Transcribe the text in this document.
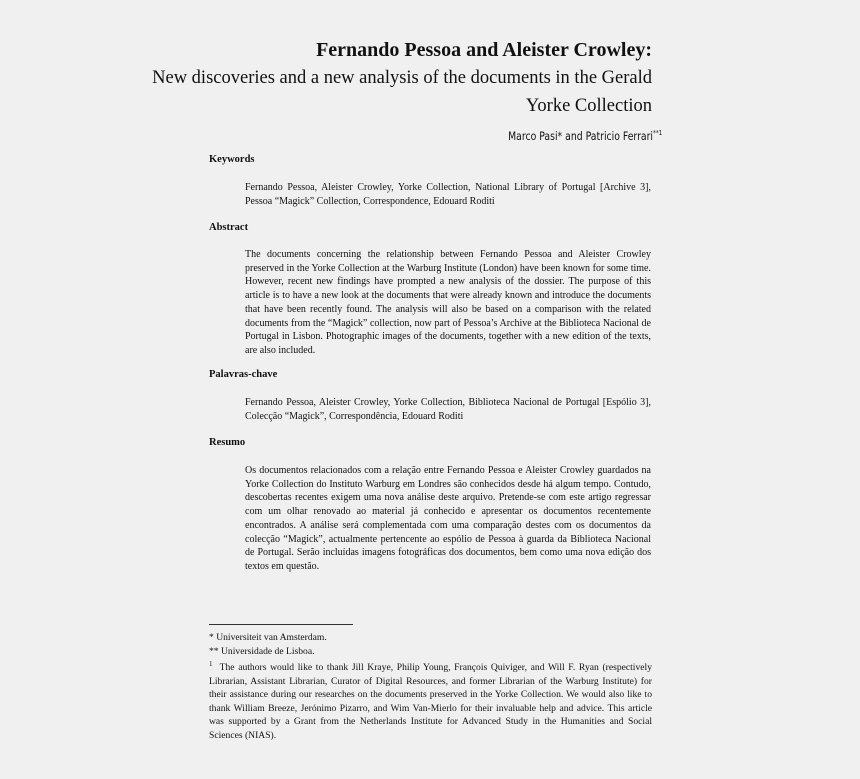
Fernando Pessoa and Aleister Crowley:
New discoveries and a new analysis of the documents in the Gerald Yorke Collection
Marco Pasi* and Patricio Ferrari$^{**1}$
Keywords
Fernando Pessoa, Aleister Crowley, Yorke Collection, National Library of Portugal [Archive 3], Pessoa “Magick” Collection, Correspondence, Edouard Roditi
Abstract
The documents concerning the relationship between Fernando Pessoa and Aleister Crowley preserved in the Yorke Collection at the Warburg Institute (London) have been known for some time. However, recent new findings have prompted a new analysis of the dossier. The purpose of this article is to have a new look at the documents that were already known and introduce the documents that have been recently found. The analysis will also be based on a comparison with the related documents from the “Magick” collection, now part of Pessoa’s Archive at the Biblioteca Nacional de Portugal in Lisbon. Photographic images of the documents, together with a new edition of the texts, are also included.
Palavras-chave
Fernando Pessoa, Aleister Crowley, Yorke Collection, Biblioteca Nacional de Portugal [Espólio 3], Colecção “Magick”, Correspondência, Edouard Roditi
Resumo
Os documentos relacionados com a relação entre Fernando Pessoa e Aleister Crowley guardados na Yorke Collection do Instituto Warburg em Londres são conhecidos desde há algum tempo. Contudo, descobertas recentes exigem uma nova análise deste arquivo. Pretende-se com este artigo regressar com um olhar renovado ao material já conhecido e apresentar os documentos recentemente encontrados. A análise será complementada com uma comparação destes com os documentos da colecção “Magick”, actualmente pertencente ao espólio de Pessoa à guarda da Biblioteca Nacional de Portugal. Serão incluídas imagens fotográficas dos documentos, bem como uma nova edição dos textos em questão.

* Universiteit van Amsterdam.

** Universidade de Lisboa.

$^1$ The authors would like to thank Jill Kraye, Philip Young, François Quiviger, and Will F. Ryan (respectively Librarian, Assistant Librarian, Curator of Digital Resources, and former Librarian of the Warburg Institute) for their assistance during our researches on the documents preserved in the Yorke Collection. We would also like to thank William Breeze, Jerónimo Pizarro, and Wim Van-Mierlo for their invaluable help and advice. This article was supported by a Grant from the Netherlands Institute for Advanced Study in the Humanities and Social Sciences (NIAS).
